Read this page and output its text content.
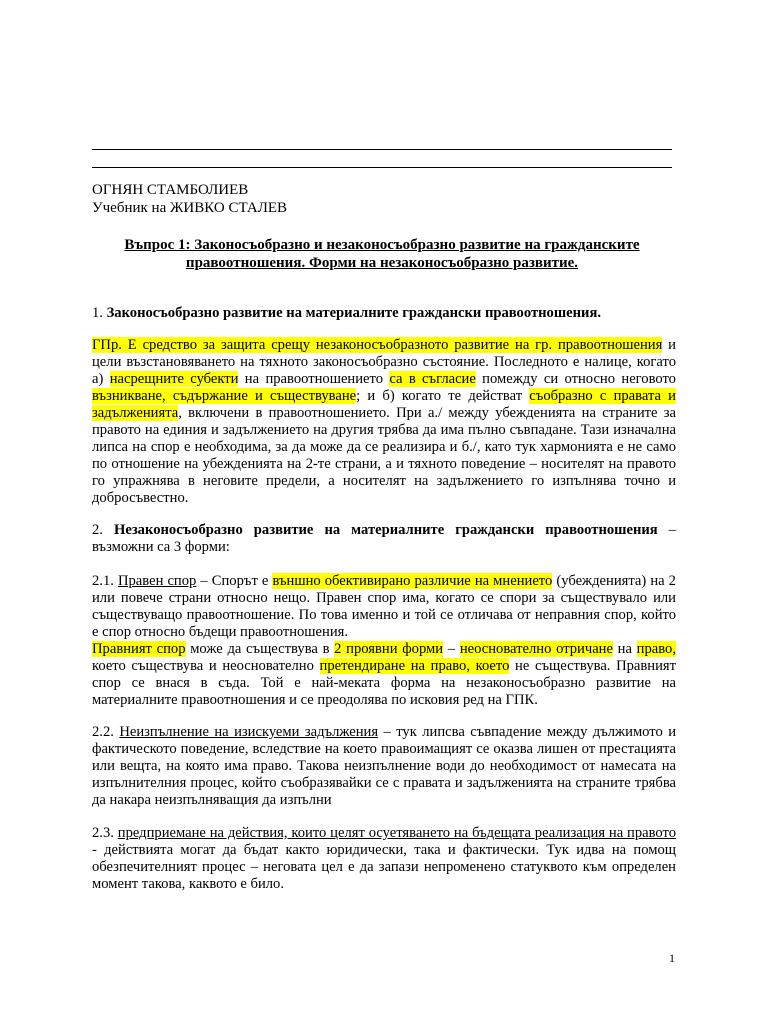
ОГНЯН СТАМБОЛИЕВ
Учебник на ЖИВКО СТАЛЕВ
Въпрос 1: Законосъобразно и незаконосъобразно развитие на гражданските
правоотношения. Форми на незаконосъобразно развитие.

1. Законосъобразно развитие на материалните граждански правоотношения.

ГПр. Е средство за защита срещу незаконосъобразното развитие на гр. правоотношения и цели възстановяването на тяхното законосъобразно състояние. Последното е налице, когато а) насрещните субекти на правоотношението са в съгласие помежду си относно неговото възникване, съдържание и съществуване; и б) когато те действат съобразно с правата и задълженията, включени в правоотношението. При а./ между убежденията на страните за правото на единия и задължението на другия трябва да има пълно съвпадане. Тази изначална липса на спор е необходима, за да може да се реализира и б./, като тук хармонията е не само по отношение на убежденията на 2-те страни, а и тяхното поведение – носителят на правото го упражнява в неговите предели, а носителят на задължението го изпълнява точно и добросъвестно.

2. Незаконосъобразно развитие на материалните граждански правоотношения – възможни са 3 форми:

2.1. Правен спор – Спорът е външно обективирано различие на мнението (убежденията) на 2 или повече страни относно нещо. Правен спор има, когато се спори за съществувало или съществуващо правоотношение. По това именно и той се отличава от неправния спор, който е спор относно бъдещи правоотношения.

Правният спор може да съществува в 2 проявни форми – неоснователно отричане на право, което съществува и неоснователно претендиране на право, което не съществува. Правният спор се внася в съда. Той е най-меката форма на незаконосъобразно развитие на материалните правоотношения и се преодолява по исковия ред на ГПК.

2.2. Неизпълнение на изискуеми задължения – тук липсва съвпадение между дължимото и фактическото поведение, вследствие на което правоимащият се оказва лишен от престацията или вещта, на която има право. Такова неизпълнение води до необходимост от намесата на изпълнителния процес, който съобразявайки се с правата и задълженията на страните трябва да накара неизпълняващия да изпълни

2.3. предприемане на действия, които целят осуетяването на бъдещата реализация на правото - действията могат да бъдат както юридически, така и фактически. Тук идва на помощ обезпечителният процес – неговата цел е да запази непроменено статуквото към определен момент такова, каквото е било.

1
